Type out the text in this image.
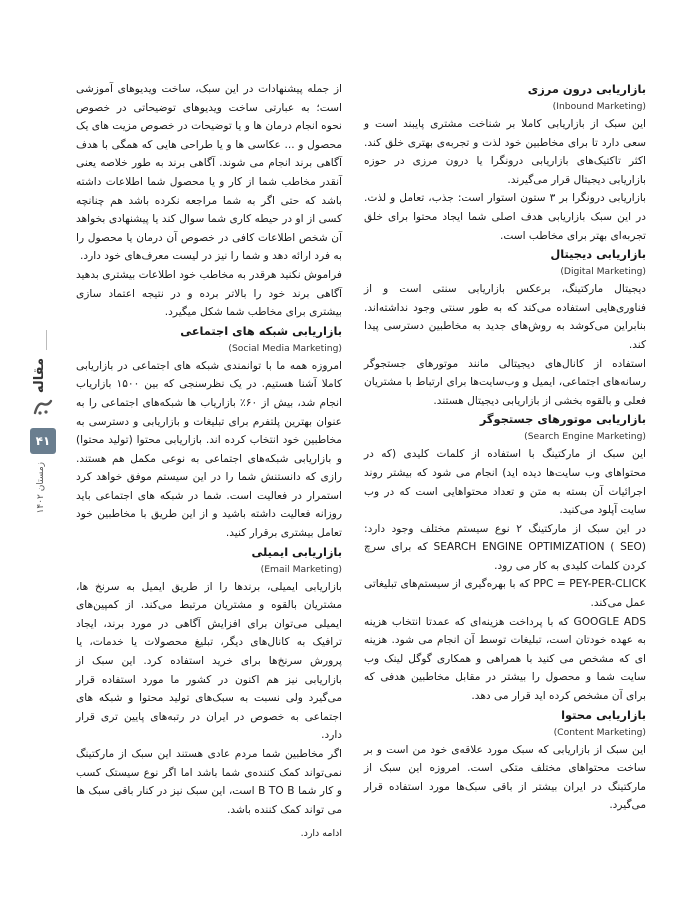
بازاریابی درون مرزی
(Inbound Marketing)

این سبک از بازاریابی کاملا بر شناخت مشتری پایبند است و سعی دارد تا برای مخاطبین خود لذت و تجربه‌ی بهتری خلق کند. اکثر تاکتیک‌های بازاریابی درونگرا یا درون مرزی در حوزه بازاریابی دیجیتال قرار می‌گیرند.

بازاریابی درونگرا بر ۳ ستون استوار است: جذب، تعامل و لذت. در این سبک بازاریابی هدف اصلی شما ایجاد محتوا برای خلق تجربه‌ای بهتر برای مخاطب است.

بازاریابی دیجیتال
(Digital Marketing)

دیجیتال مارکتینگ، برعکس بازاریابی سنتی است و از فناوری‌هایی استفاده می‌کند که به طور سنتی وجود نداشته‌اند. بنابراین می‌کوشد به روش‌های جدید به مخاطبین دسترسی پیدا کند.

استفاده از کانال‌های دیجیتالی مانند موتورهای جستجوگر رسانه‌های اجتماعی، ایمیل و وب‌سایت‌ها برای ارتباط با مشتریان فعلی و بالقوه بخشی از بازاریابی دیجیتال هستند.

بازاریابی موتورهای جستجوگر
(Search Engine Marketing)

این سبک از مارکتینگ با استفاده از کلمات کلیدی (که در محتواهای وب سایت‌ها دیده اید) انجام می شود که بیشتر روند اجرائیات آن بسته به متن و تعداد محتواهایی است که در وب سایت آپلود می‌کنید.

در این سبک از مارکتینگ ۲ نوع سیستم مختلف وجود دارد: SEARCH ENGINE OPTIMIZATION ( SEO) که برای سرچ کردن کلمات کلیدی به کار می رود.

PPC = PEY-PER-CLICK که با بهره‌گیری از سیستم‌های تبلیغاتی عمل می‌کند.

GOOGLE ADS که با پرداخت هزینه‌ای که عمدتا انتخاب هزینه به عهده خودتان است، تبلیغات توسط آن انجام می شود. هزینه ای که مشخص می کنید با همراهی و همکاری گوگل لینک وب سایت شما و محصول را بیشتر در مقابل مخاطبین هدفی که برای آن مشخص کرده اید قرار می دهد.

بازاریابی محتوا
(Content Marketing)

این سبک از بازاریابی که سبک مورد علاقه‌ی خود من است و بر ساخت محتواهای مختلف متکی است. امروزه این سبک از مارکتینگ در ایران بیشتر از باقی سبک‌ها مورد استفاده قرار می‌گیرد.

از جمله پیشنهادات در این سبک، ساخت ویدیوهای آموزشی است؛ به عبارتی ساخت ویدیوهای توضیحاتی در خصوص نحوه انجام درمان ها و یا توضیحات در خصوص مزیت های یک محصول و ... عکاسی ها و یا طراحی هایی که همگی با هدف آگاهی برند انجام می شوند. آگاهی برند به طور خلاصه یعنی آنقدر مخاطب شما از کار و یا محصول شما اطلاعات داشته باشد که حتی اگر به شما مراجعه نکرده باشد هم چنانچه کسی از او در حیطه کاری شما سوال کند یا پیشنهادی بخواهد آن شخص اطلاعات کافی در خصوص آن درمان یا محصول را به فرد ارائه دهد و شما را نیز در لیست معرف‌های خود دارد.

فراموش نکنید هرقدر به مخاطب خود اطلاعات بیشتری بدهید آگاهی برند خود را بالاتر برده و در نتیجه اعتماد سازی بیشتری برای مخاطب شما شکل میگیرد.

بازاریابی شبکه های اجتماعی
(Social Media Marketing)

امروزه همه ما با توانمندی شبکه های اجتماعی در بازاریابی کاملا آشنا هستیم. در یک نظرسنجی که بین ۱۵۰۰ بازاریاب انجام شد، بیش از ۶۰٪ بازاریاب ها شبکه‌های اجتماعی را به عنوان بهترین پلتفرم برای تبلیغات و بازاریابی و دسترسی به مخاطبین خود انتخاب کرده اند. بازاریابی محتوا (تولید محتوا) و بازاریابی شبکه‌های اجتماعی به نوعی مکمل هم هستند. رازی که دانستنش شما را در این سیستم موفق خواهد کرد استمرار در فعالیت است. شما در شبکه های اجتماعی باید روزانه فعالیت داشته باشید و از این طریق با مخاطبین خود تعامل بیشتری برقرار کنید.

بازاریابی ایمیلی
(Email Marketing)

بازاریابی ایمیلی، برندها را از طریق ایمیل به سرنخ ها، مشتریان بالقوه و مشتریان مرتبط می‌کند. از کمپین‌های ایمیلی می‌توان برای افزایش آگاهی در مورد برند، ایجاد ترافیک به کانال‌های دیگر، تبلیغ محصولات یا خدمات، یا پرورش سرنخ‌ها برای خرید استفاده کرد. این سبک از بازاریابی نیز هم اکنون در کشور ما مورد استفاده قرار می‌گیرد ولی نسبت به سبک‌های تولید محتوا و شبکه های اجتماعی به خصوص در ایران در رتبه‌های پایین تری قرار دارد.

اگر مخاطبین شما مردم عادی هستند این سبک از مارکتینگ نمی‌تواند کمک کننده‌ی شما باشد اما اگر نوع سیستک کسب و کار شما B TO B است، این سبک نیز در کنار باقی سبک ها می تواند کمک کننده باشد.

ادامه دارد.
مقاله
۴۱
زمستان ۱۴۰۲
